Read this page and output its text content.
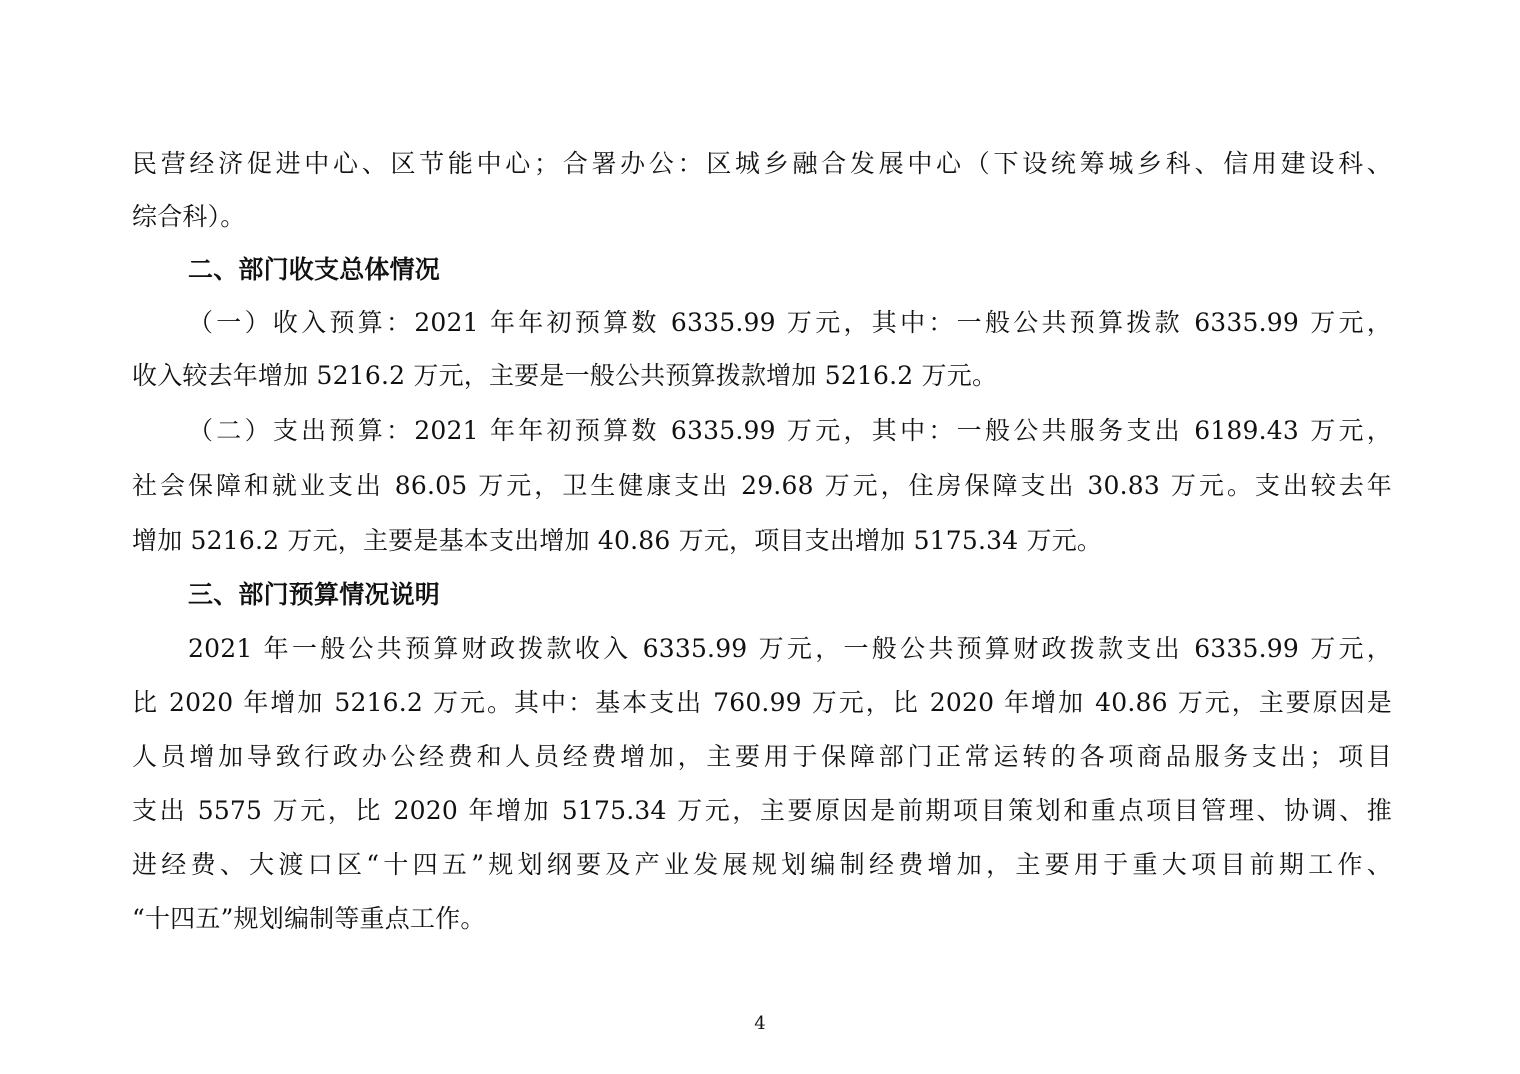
民营经济促进中心、区节能中心；合署办公：区城乡融合发展中心（下设统筹城乡科、信用建设科、
综合科）。
二、部门收支总体情况
（一）收入预算：2021 年年初预算数 6335.99 万元，其中：一般公共预算拨款 6335.99 万元，
收入较去年增加 5216.2 万元，主要是一般公共预算拨款增加 5216.2 万元。
（二）支出预算：2021 年年初预算数 6335.99 万元，其中：一般公共服务支出 6189.43 万元，
社会保障和就业支出 86.05 万元，卫生健康支出 29.68 万元，住房保障支出 30.83 万元。支出较去年
增加 5216.2 万元，主要是基本支出增加 40.86 万元，项目支出增加 5175.34 万元。
三、部门预算情况说明
2021 年一般公共预算财政拨款收入 6335.99 万元，一般公共预算财政拨款支出 6335.99 万元，
比 2020 年增加 5216.2 万元。其中：基本支出 760.99 万元，比 2020 年增加 40.86 万元，主要原因是
人员增加导致行政办公经费和人员经费增加，主要用于保障部门正常运转的各项商品服务支出；项目
支出 5575 万元，比 2020 年增加 5175.34 万元，主要原因是前期项目策划和重点项目管理、协调、推
进经费、大渡口区“十四五”规划纲要及产业发展规划编制经费增加，主要用于重大项目前期工作、
“十四五”规划编制等重点工作。
4
